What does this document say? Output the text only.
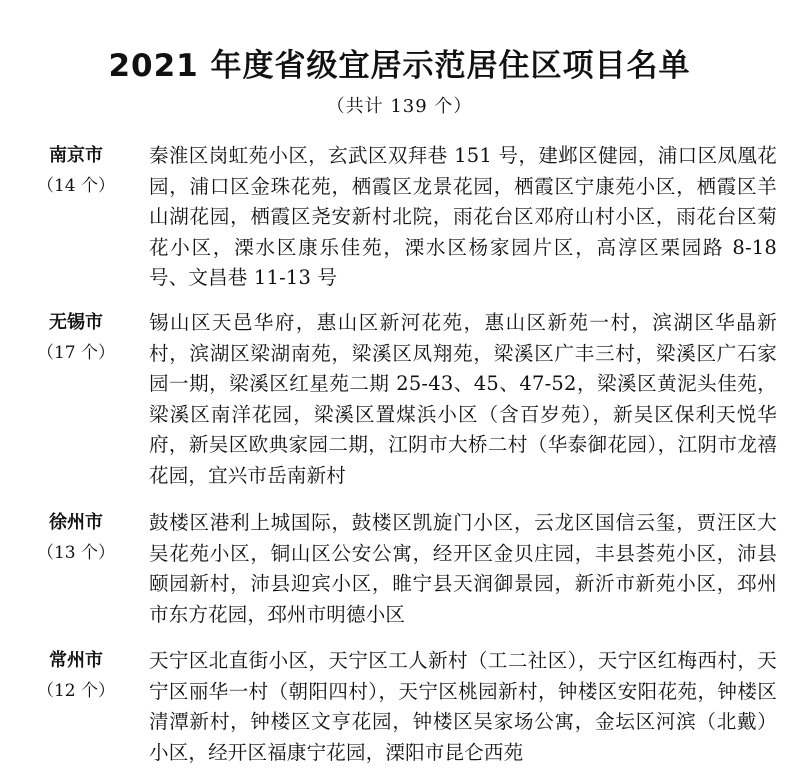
2021 年度省级宜居示范居住区项目名单
（共计 139 个）
南京市
（14 个）
秦淮区岗虹苑小区，玄武区双拜巷 151 号，建邺区健园，浦口区凤凰花园，浦口区金珠花苑，栖霞区龙景花园，栖霞区宁康苑小区，栖霞区羊山湖花园，栖霞区尧安新村北院，雨花台区邓府山村小区，雨花台区菊花小区，溧水区康乐佳苑，溧水区杨家园片区，高淳区栗园路 8-18 号、文昌巷 11-13 号
无锡市
（17 个）
锡山区天邑华府，惠山区新河花苑，惠山区新苑一村，滨湖区华晶新村，滨湖区梁湖南苑，梁溪区凤翔苑，梁溪区广丰三村，梁溪区广石家园一期，梁溪区红星苑二期 25-43、45、47-52，梁溪区黄泥头佳苑，梁溪区南洋花园，梁溪区置煤浜小区（含百岁苑），新吴区保利天悦华府，新吴区欧典家园二期，江阴市大桥二村（华泰御花园），江阴市龙禧花园，宜兴市岳南新村
徐州市
（13 个）
鼓楼区港利上城国际，鼓楼区凯旋门小区，云龙区国信云玺，贾汪区大吴花苑小区，铜山区公安公寓，经开区金贝庄园，丰县荟苑小区，沛县颐园新村，沛县迎宾小区，睢宁县天润御景园，新沂市新苑小区，邳州市东方花园，邳州市明德小区
常州市
（12 个）
天宁区北直街小区，天宁区工人新村（工二社区），天宁区红梅西村，天宁区丽华一村（朝阳四村），天宁区桃园新村，钟楼区安阳花苑，钟楼区清潭新村，钟楼区文亨花园，钟楼区吴家场公寓，金坛区河滨（北戴）小区，经开区福康宁花园，溧阳市昆仑西苑
